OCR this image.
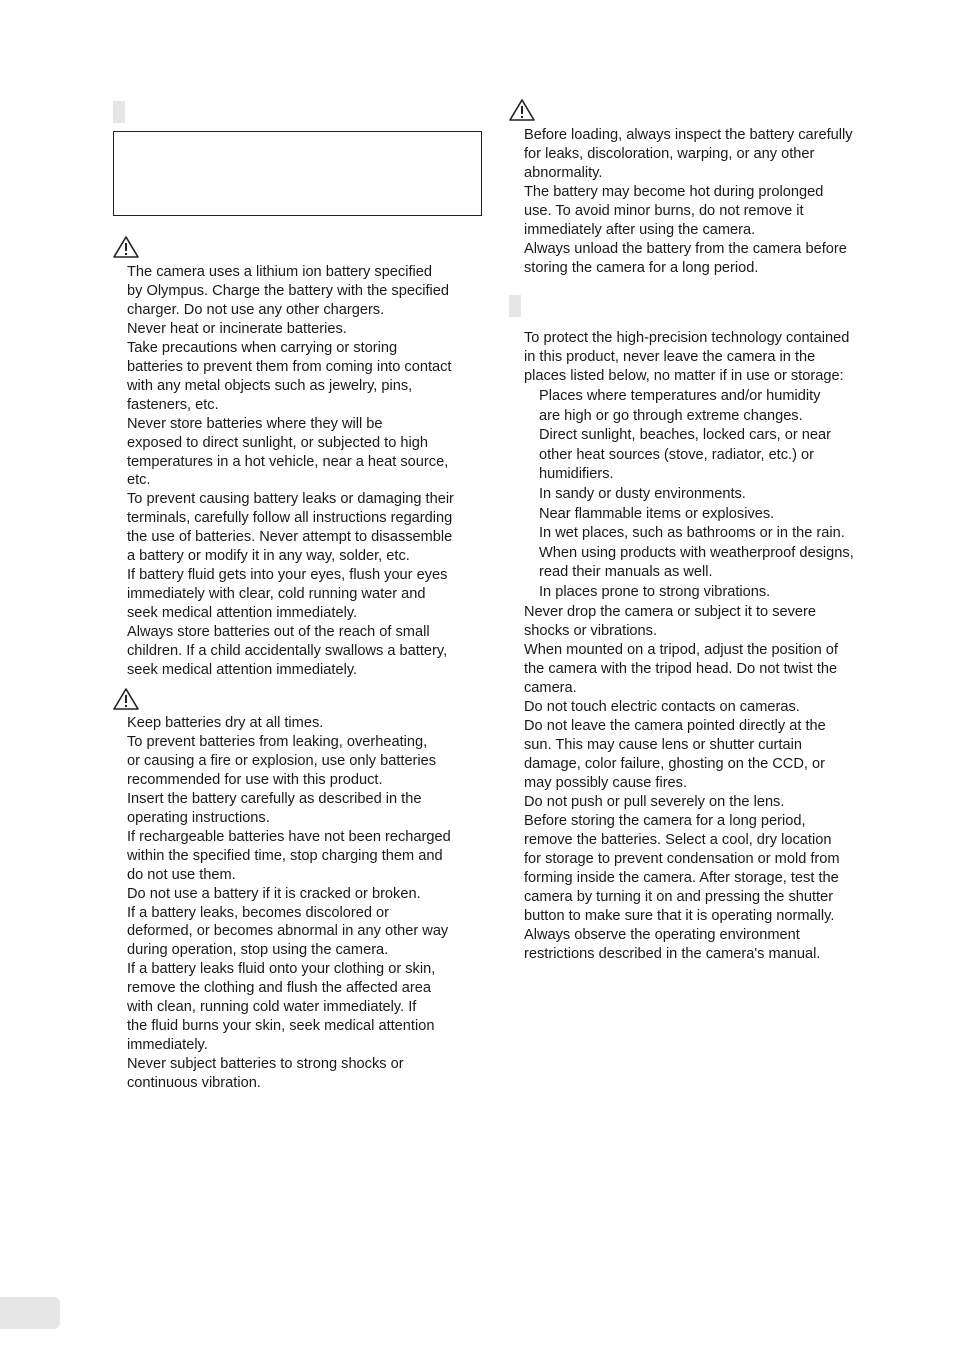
The camera uses a lithium ion battery specified

by Olympus. Charge the battery with the specified

charger. Do not use any other chargers.

Never heat or incinerate batteries.

Take precautions when carrying or storing

batteries to prevent them from coming into contact

with any metal objects such as jewelry, pins,

fasteners, etc.

Never store batteries where they will be

exposed to direct sunlight, or subjected to high

temperatures in a hot vehicle, near a heat source,

etc.

To prevent causing battery leaks or damaging their

terminals, carefully follow all instructions regarding

the use of batteries. Never attempt to disassemble

a battery or modify it in any way, solder, etc.

If battery fluid gets into your eyes, flush your eyes

immediately with clear, cold running water and

seek medical attention immediately.

Always store batteries out of the reach of small

children. If a child accidentally swallows a battery,

seek medical attention immediately.

Keep batteries dry at all times.

To prevent batteries from leaking, overheating,

or causing a fire or explosion, use only batteries

recommended for use with this product.

Insert the battery carefully as described in the

operating instructions.

If rechargeable batteries have not been recharged

within the specified time, stop charging them and

do not use them.

Do not use a battery if it is cracked or broken.

If a battery leaks, becomes discolored or

deformed, or becomes abnormal in any other way

during operation, stop using the camera.

If a battery leaks fluid onto your clothing or skin,

remove the clothing and flush the affected area

with clean, running cold water immediately. If

the fluid burns your skin, seek medical attention

immediately.

Never subject batteries to strong shocks or

continuous vibration.

Before loading, always inspect the battery carefully

for leaks, discoloration, warping, or any other

abnormality.

The battery may become hot during prolonged

use. To avoid minor burns, do not remove it

immediately after using the camera.

Always unload the battery from the camera before

storing the camera for a long period.

To protect the high-precision technology contained

in this product, never leave the camera in the

places listed below, no matter if in use or storage:

Places where temperatures and/or humidity

are high or go through extreme changes.

Direct sunlight, beaches, locked cars, or near

other heat sources (stove, radiator, etc.) or

humidifiers.

In sandy or dusty environments.

Near flammable items or explosives.

In wet places, such as bathrooms or in the rain.

When using products with weatherproof designs,

read their manuals as well.

In places prone to strong vibrations.

Never drop the camera or subject it to severe

shocks or vibrations.

When mounted on a tripod, adjust the position of

the camera with the tripod head. Do not twist the

camera.

Do not touch electric contacts on cameras.

Do not leave the camera pointed directly at the

sun. This may cause lens or shutter curtain

damage, color failure, ghosting on the CCD, or

may possibly cause fires.

Do not push or pull severely on the lens.

Before storing the camera for a long period,

remove the batteries. Select a cool, dry location

for storage to prevent condensation or mold from

forming inside the camera. After storage, test the

camera by turning it on and pressing the shutter

button to make sure that it is operating normally.

Always observe the operating environment

restrictions described in the camera's manual.
